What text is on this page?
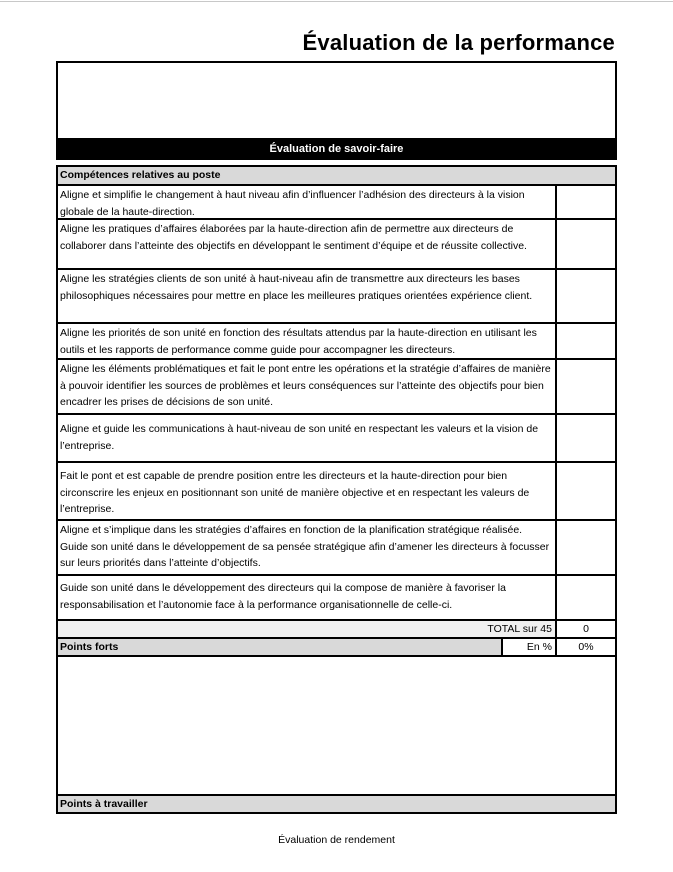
Évaluation de la performance
Évaluation de savoir-faire
Compétences relatives au poste
Aligne et simplifie le changement à haut niveau afin d’influencer l’adhésion des directeurs à la vision globale de la haute-direction.
Aligne les pratiques d’affaires élaborées par la haute-direction afin de permettre aux directeurs de collaborer dans l’atteinte des objectifs en développant le sentiment d’équipe et de réussite collective.
Aligne les stratégies clients de son unité à haut-niveau afin de transmettre aux directeurs les bases philosophiques nécessaires pour mettre en place les meilleures pratiques orientées expérience client.
Aligne les priorités de son unité en fonction des résultats attendus par la haute-direction en utilisant les outils et les rapports de performance comme guide pour accompagner les directeurs.
Aligne les éléments problématiques et fait le pont entre les opérations et la stratégie d’affaires de manière à pouvoir identifier les sources de problèmes et leurs conséquences sur l’atteinte des objectifs pour bien encadrer les prises de décisions de son unité.
Aligne et guide les communications à haut-niveau de son unité en respectant les valeurs et la vision de l’entreprise.
Fait le pont et est capable de prendre position entre les directeurs et la haute-direction pour bien circonscrire les enjeux en positionnant son unité de manière objective et en respectant les valeurs de l’entreprise.
Aligne et s’implique dans les stratégies d’affaires en fonction de la planification stratégique réalisée. Guide son unité dans le développement de sa pensée stratégique afin d’amener les directeurs à focusser sur leurs priorités dans l’atteinte d’objectifs.
Guide son unité dans le développement des directeurs qui la compose de manière à favoriser la responsabilisation et l’autonomie face à la performance organisationnelle de celle-ci.
TOTAL sur 45	0
Points forts	En %	0%
Points à travailler
Évaluation de rendement
